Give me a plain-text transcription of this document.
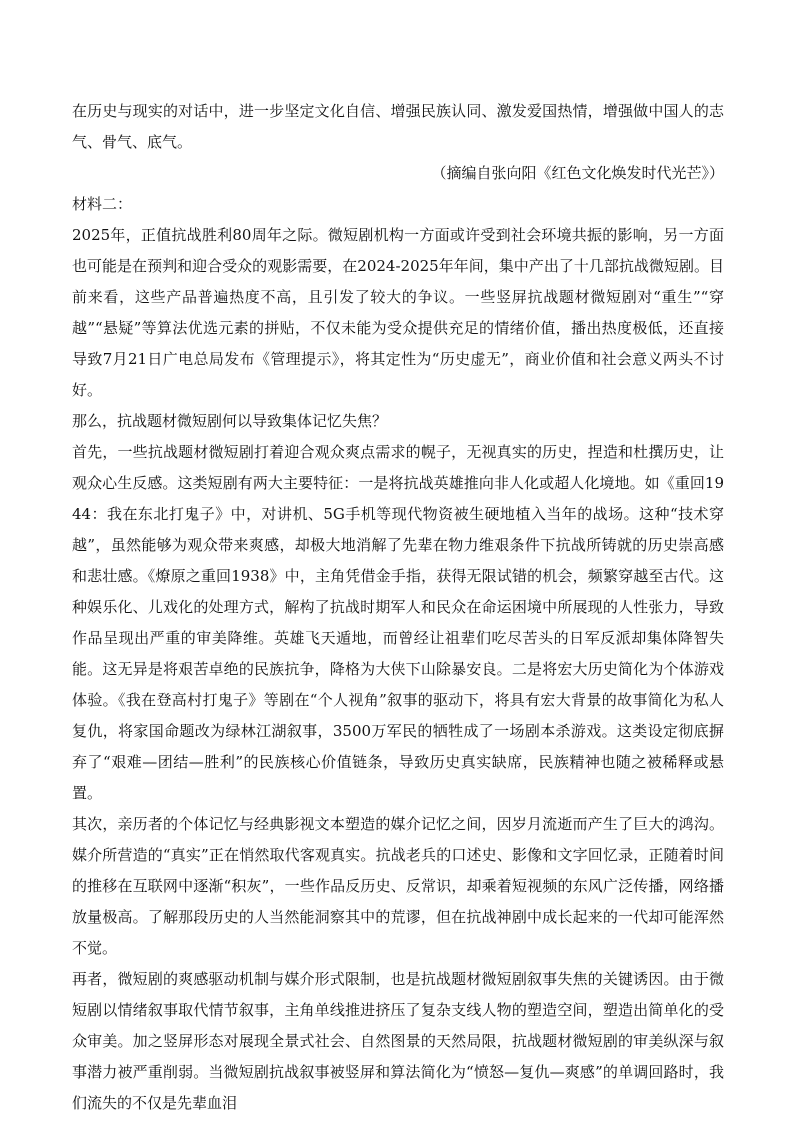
在历史与现实的对话中，进一步坚定文化自信、增强民族认同、激发爱国热情，增强做中国人的志气、骨气、底气。

（摘编自张向阳《红色文化焕发时代光芒》）

材料二：

2025年，正值抗战胜利80周年之际。微短剧机构一方面或许受到社会环境共振的影响，另一方面也可能是在预判和迎合受众的观影需要，在2024-2025年年间，集中产出了十几部抗战微短剧。目前来看，这些产品普遍热度不高，且引发了较大的争议。一些竖屏抗战题材微短剧对“重生”“穿越”“悬疑”等算法优选元素的拼贴，不仅未能为受众提供充足的情绪价值，播出热度极低，还直接导致7月21日广电总局发布《管理提示》，将其定性为“历史虚无”，商业价值和社会意义两头不讨好。

那么，抗战题材微短剧何以导致集体记忆失焦？

首先，一些抗战题材微短剧打着迎合观众爽点需求的幌子，无视真实的历史，捏造和杜撰历史，让观众心生反感。这类短剧有两大主要特征：一是将抗战英雄推向非人化或超人化境地。如《重回1944：我在东北打鬼子》中，对讲机、5G手机等现代物资被生硬地植入当年的战场。这种“技术穿越”，虽然能够为观众带来爽感，却极大地消解了先辈在物力维艰条件下抗战所铸就的历史崇高感和悲壮感。《燎原之重回1938》中，主角凭借金手指，获得无限试错的机会，频繁穿越至古代。这种娱乐化、儿戏化的处理方式，解构了抗战时期军人和民众在命运困境中所展现的人性张力，导致作品呈现出严重的审美降维。英雄飞天遁地，而曾经让祖辈们吃尽苦头的日军反派却集体降智失能。这无异是将艰苦卓绝的民族抗争，降格为大侠下山除暴安良。二是将宏大历史简化为个体游戏体验。《我在登高村打鬼子》等剧在“个人视角”叙事的驱动下，将具有宏大背景的故事简化为私人复仇，将家国命题改为绿林江湖叙事，3500万军民的牺牲成了一场剧本杀游戏。这类设定彻底摒弃了“艰难—团结—胜利”的民族核心价值链条，导致历史真实缺席，民族精神也随之被稀释或悬置。

其次，亲历者的个体记忆与经典影视文本塑造的媒介记忆之间，因岁月流逝而产生了巨大的鸿沟。媒介所营造的“真实”正在悄然取代客观真实。抗战老兵的口述史、影像和文字回忆录，正随着时间的推移在互联网中逐渐“积灰”，一些作品反历史、反常识，却乘着短视频的东风广泛传播，网络播放量极高。了解那段历史的人当然能洞察其中的荒谬，但在抗战神剧中成长起来的一代却可能浑然不觉。

再者，微短剧的爽感驱动机制与媒介形式限制，也是抗战题材微短剧叙事失焦的关键诱因。由于微短剧以情绪叙事取代情节叙事，主角单线推进挤压了复杂支线人物的塑造空间，塑造出简单化的受众审美。加之竖屏形态对展现全景式社会、自然图景的天然局限，抗战题材微短剧的审美纵深与叙事潜力被严重削弱。当微短剧抗战叙事被竖屏和算法简化为“愤怒—复仇—爽感”的单调回路时，我们流失的不仅是先辈血泪
